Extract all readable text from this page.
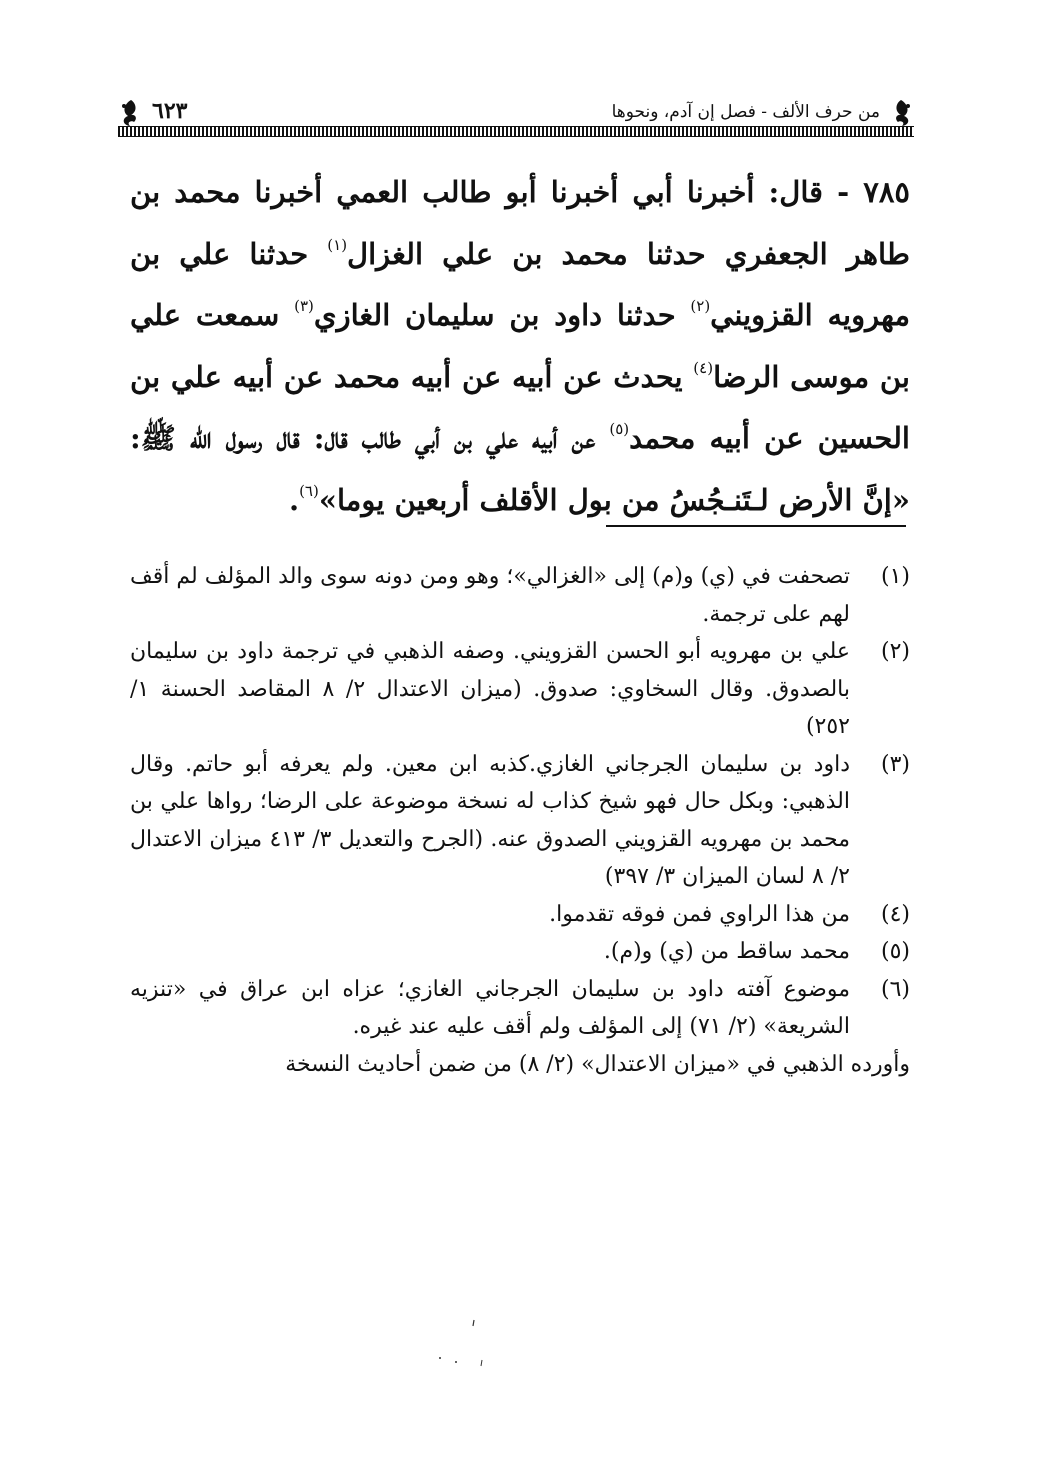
من حرف الألف - فصل إن آدم، ونحوها
٦٢٣
٧٨٥ - قال: أخبرنا أبي أخبرنا أبو طالب العمي أخبرنا محمد بن طاهر الجعفري حدثنا محمد بن علي الغزال$^{(١)}$ حدثنا علي بن مهرويه القزويني$^{(٢)}$ حدثنا داود بن سليمان الغازي$^{(٣)}$ سمعت علي بن موسى الرضا$^{(٤)}$ يحدث عن أبيه عن أبيه محمد عن أبيه علي بن الحسين عن أبيه محمد$^{(٥)}$ عن أبيه علي بن أبي طالب قال: قال رسول الله ﷺ: «إنَّ الأرض لـتَنـجُسُ من بول الأقلف أربعين يوما»$^{(٦)}$.
(١)
تصحفت في (ي) و(م) إلى «الغزالي»؛ وهو ومن دونه سوى والد المؤلف لم أقف لهم على ترجمة.
(٢)
علي بن مهرويه أبو الحسن القزويني. وصفه الذهبي في ترجمة داود بن سليمان بالصدوق. وقال السخاوي: صدوق. (ميزان الاعتدال ٢/ ٨ المقاصد الحسنة ١/ ٢٥٢)
(٣)
داود بن سليمان الجرجاني الغازي.كذبه ابن معين. ولم يعرفه أبو حاتم. وقال الذهبي: وبكل حال فهو شيخ كذاب له نسخة موضوعة على الرضا؛ رواها علي بن محمد بن مهرويه القزويني الصدوق عنه. (الجرح والتعديل ٣/ ٤١٣ ميزان الاعتدال ٢/ ٨ لسان الميزان ٣/ ٣٩٧)
(٤)
من هذا الراوي فمن فوقه تقدموا.
(٥)
محمد ساقط من (ي) و(م).
(٦)
موضوع آفته داود بن سليمان الجرجاني الغازي؛ عزاه ابن عراق في «تنزيه الشريعة» (٢/ ٧١) إلى المؤلف ولم أقف عليه عند غيره.
وأورده الذهبي في «ميزان الاعتدال» (٢/ ٨) من ضمن أحاديث النسخة
